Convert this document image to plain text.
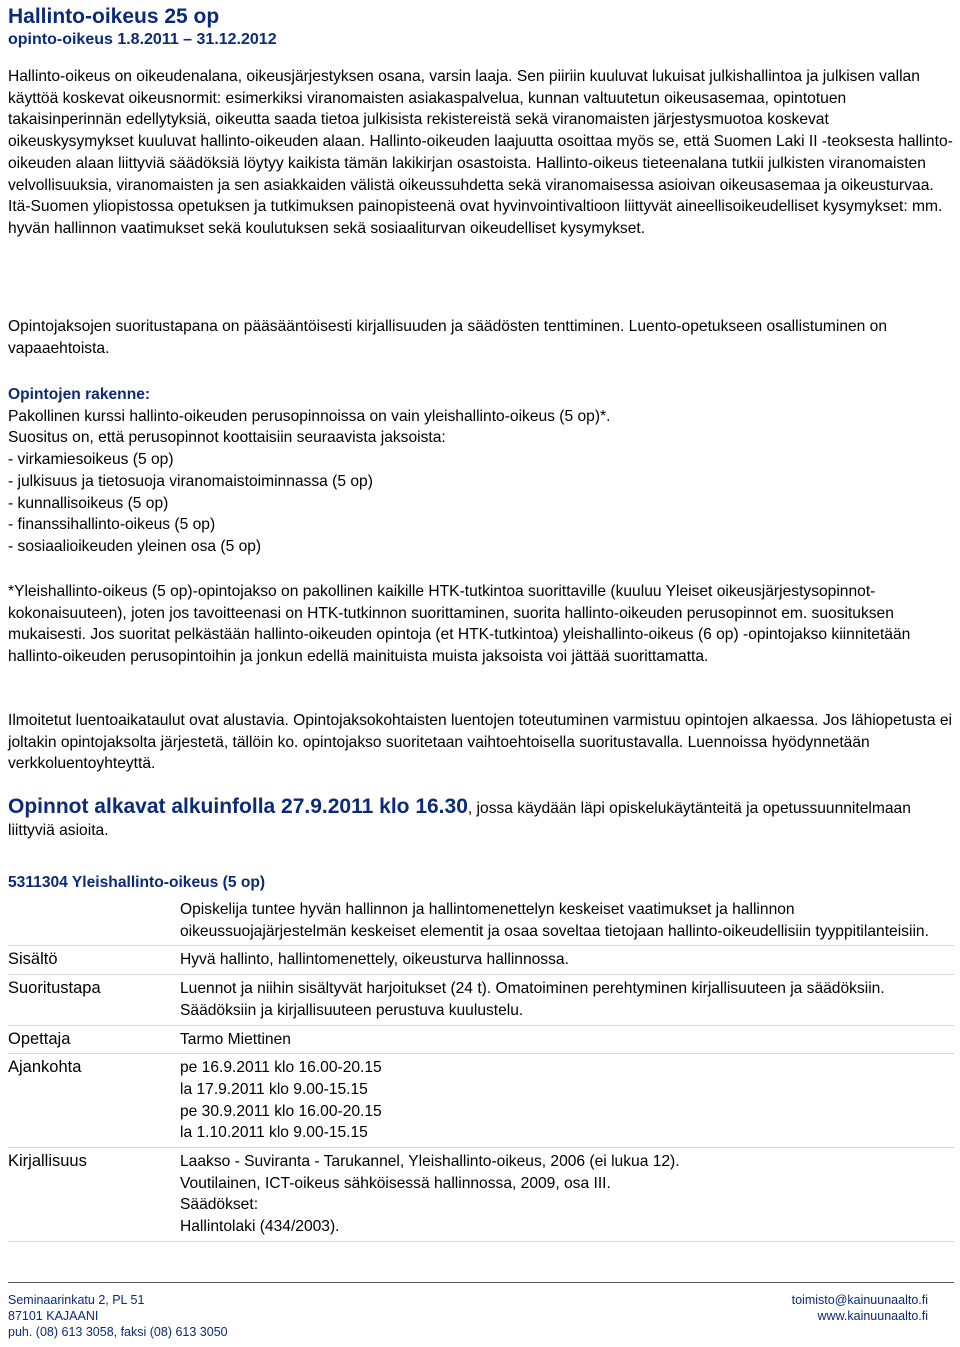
Hallinto-oikeus 25 op
opinto-oikeus 1.8.2011 – 31.12.2012
Hallinto-oikeus on oikeudenalana, oikeusjärjestyksen osana, varsin laaja. Sen piiriin kuuluvat lukuisat julkishallintoa ja julkisen vallan käyttöä koskevat oikeusnormit: esimerkiksi viranomaisten asiakaspalvelua, kunnan valtuutetun oikeusasemaa, opintotuen takaisinperinnän edellytyksiä, oikeutta saada tietoa julkisista rekistereistä sekä viranomaisten järjestysmuotoa koskevat oikeuskysymykset kuuluvat hallinto-oikeuden alaan. Hallinto-oikeuden laajuutta osoittaa myös se, että Suomen Laki II -teoksesta hallinto-oikeuden alaan liittyviä säädöksiä löytyy kaikista tämän lakikirjan osastoista. Hallinto-oikeus tieteenalana tutkii julkisten viranomaisten velvollisuuksia, viranomaisten ja sen asiakkaiden välistä oikeussuhdetta sekä viranomaisessa asioivan oikeusasemaa ja oikeusturvaa. Itä-Suomen yliopistossa opetuksen ja tutkimuksen painopisteenä ovat hyvinvointivaltioon liittyvät aineellisoikeudelliset kysymykset: mm. hyvän hallinnon vaatimukset sekä koulutuksen sekä sosiaaliturvan oikeudelliset kysymykset.
Opintojaksojen suoritustapana on pääsääntöisesti kirjallisuuden ja säädösten tenttiminen. Luento-opetukseen osallistuminen on vapaaehtoista.
Opintojen rakenne:
Pakollinen kurssi hallinto-oikeuden perusopinnoissa on vain yleishallinto-oikeus (5 op)*.
Suositus on, että perusopinnot koottaisiin seuraavista jaksoista:
- virkamiesoikeus (5 op)
- julkisuus ja tietosuoja viranomaistoiminnassa (5 op)
- kunnallisoikeus (5 op)
- finanssihallinto-oikeus (5 op)
- sosiaalioikeuden yleinen osa (5 op)
*Yleishallinto-oikeus (5 op)-opintojakso on pakollinen kaikille HTK-tutkintoa suorittaville (kuuluu Yleiset oikeusjärjestysopinnot-kokonaisuuteen), joten jos tavoitteenasi on HTK-tutkinnon suorittaminen, suorita hallinto-oikeuden perusopinnot em. suosituksen mukaisesti. Jos suoritat pelkästään hallinto-oikeuden opintoja (et HTK-tutkintoa) yleishallinto-oikeus (6 op) -opintojakso kiinnitetään hallinto-oikeuden perusopintoihin ja jonkun edellä mainituista muista jaksoista voi jättää suorittamatta.
Ilmoitetut luentoaikataulut ovat alustavia. Opintojaksokohtaisten luentojen toteutuminen varmistuu opintojen alkaessa. Jos lähiopetusta ei joltakin opintojaksolta järjestetä, tällöin ko. opintojakso suoritetaan vaihtoehtoisella suoritustavalla. Luennoissa hyödynnetään verkkoluentoyhteyttä.
Opinnot alkavat alkuinfolla 27.9.2011 klo 16.30, jossa käydään läpi opiskelukäytänteitä ja opetussuunnitelmaan liittyviä asioita.
5311304 Yleishallinto-oikeus (5 op)
	Opiskelija tuntee hyvän hallinnon ja hallintomenettelyn keskeiset vaatimukset ja hallinnon oikeussuojajärjestelmän keskeiset elementit ja osaa soveltaa tietojaan hallinto-oikeudellisiin tyyppitilanteisiin.
Sisältö	Hyvä hallinto, hallintomenettely, oikeusturva hallinnossa.
Suoritustapa	Luennot ja niihin sisältyvät harjoitukset (24 t). Omatoiminen perehtyminen kirjallisuuteen ja säädöksiin. Säädöksiin ja kirjallisuuteen perustuva kuulustelu.
Opettaja	Tarmo Miettinen
Ajankohta	pe 16.9.2011 klo 16.00-20.15
la 17.9.2011 klo 9.00-15.15
pe 30.9.2011 klo 16.00-20.15
la 1.10.2011 klo 9.00-15.15

Kirjallisuus	Laakso - Suviranta - Tarukannel, Yleishallinto-oikeus, 2006 (ei lukua 12).
Voutilainen, ICT-oikeus sähköisessä hallinnossa, 2009, osa III.
Säädökset:
Hallintolaki (434/2003).
Seminaarinkatu 2, PL 51
87101 KAJAANI
puh. (08) 613 3058, faksi (08) 613 3050
toimisto@kainuunaalto.fi
www.kainuunaalto.fi
